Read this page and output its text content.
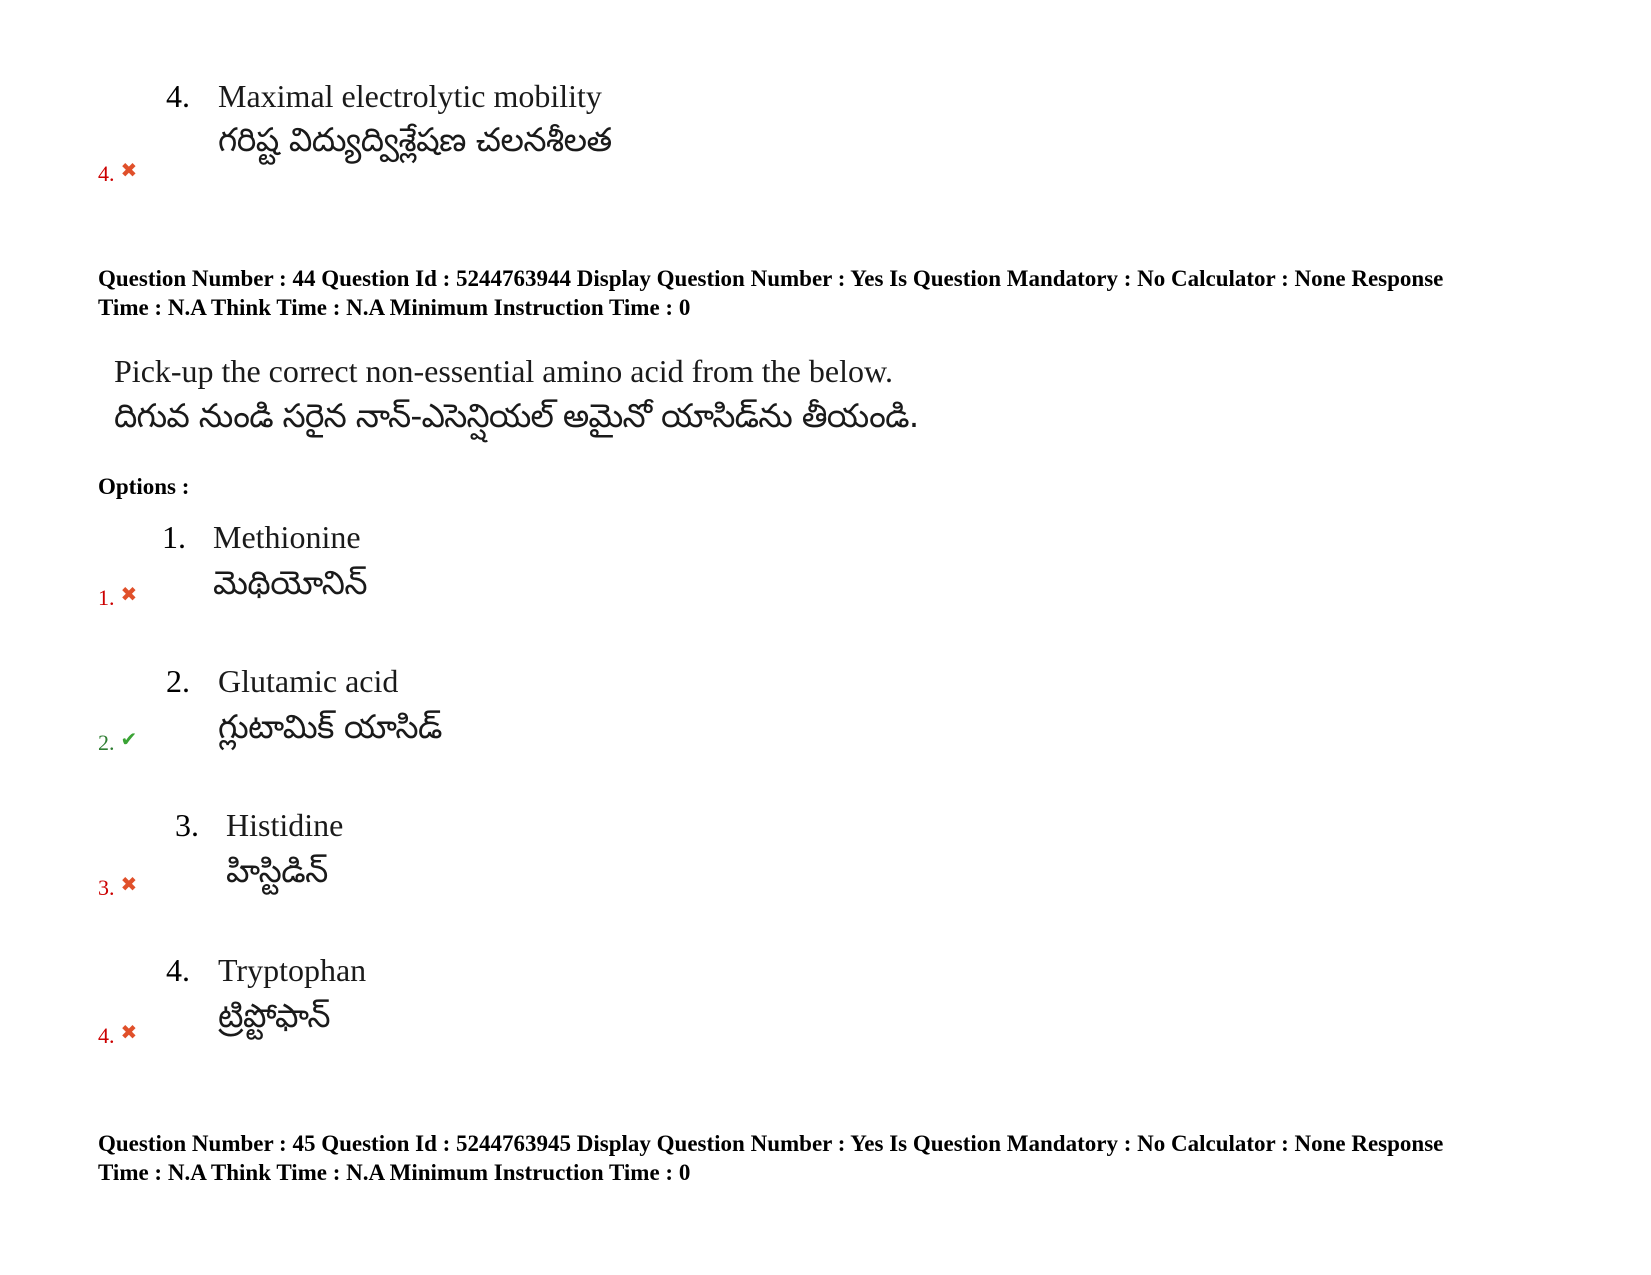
4. Maximal electrolytic mobility
గరిష్ట విద్యుద్విశ్లేషణ చలనశీలత
4. ✖
Question Number : 44 Question Id : 5244763944 Display Question Number : Yes Is Question Mandatory : No Calculator : None Response
Time : N.A Think Time : N.A Minimum Instruction Time : 0
Pick-up the correct non-essential amino acid from the below.
దిగువ నుండి సరైన నాన్-ఎసెన్షియల్ అమైనో యాసిడ్‌ను తీయండి.
Options :
1. Methionine
మెథియోనిన్
1. ✖
2. Glutamic acid
గ్లుటామిక్ యాసిడ్
2. ✔
3. Histidine
హిస్టిడిన్
3. ✖
4. Tryptophan
ట్రిప్టోఫాన్
4. ✖
Question Number : 45 Question Id : 5244763945 Display Question Number : Yes Is Question Mandatory : No Calculator : None Response
Time : N.A Think Time : N.A Minimum Instruction Time : 0
